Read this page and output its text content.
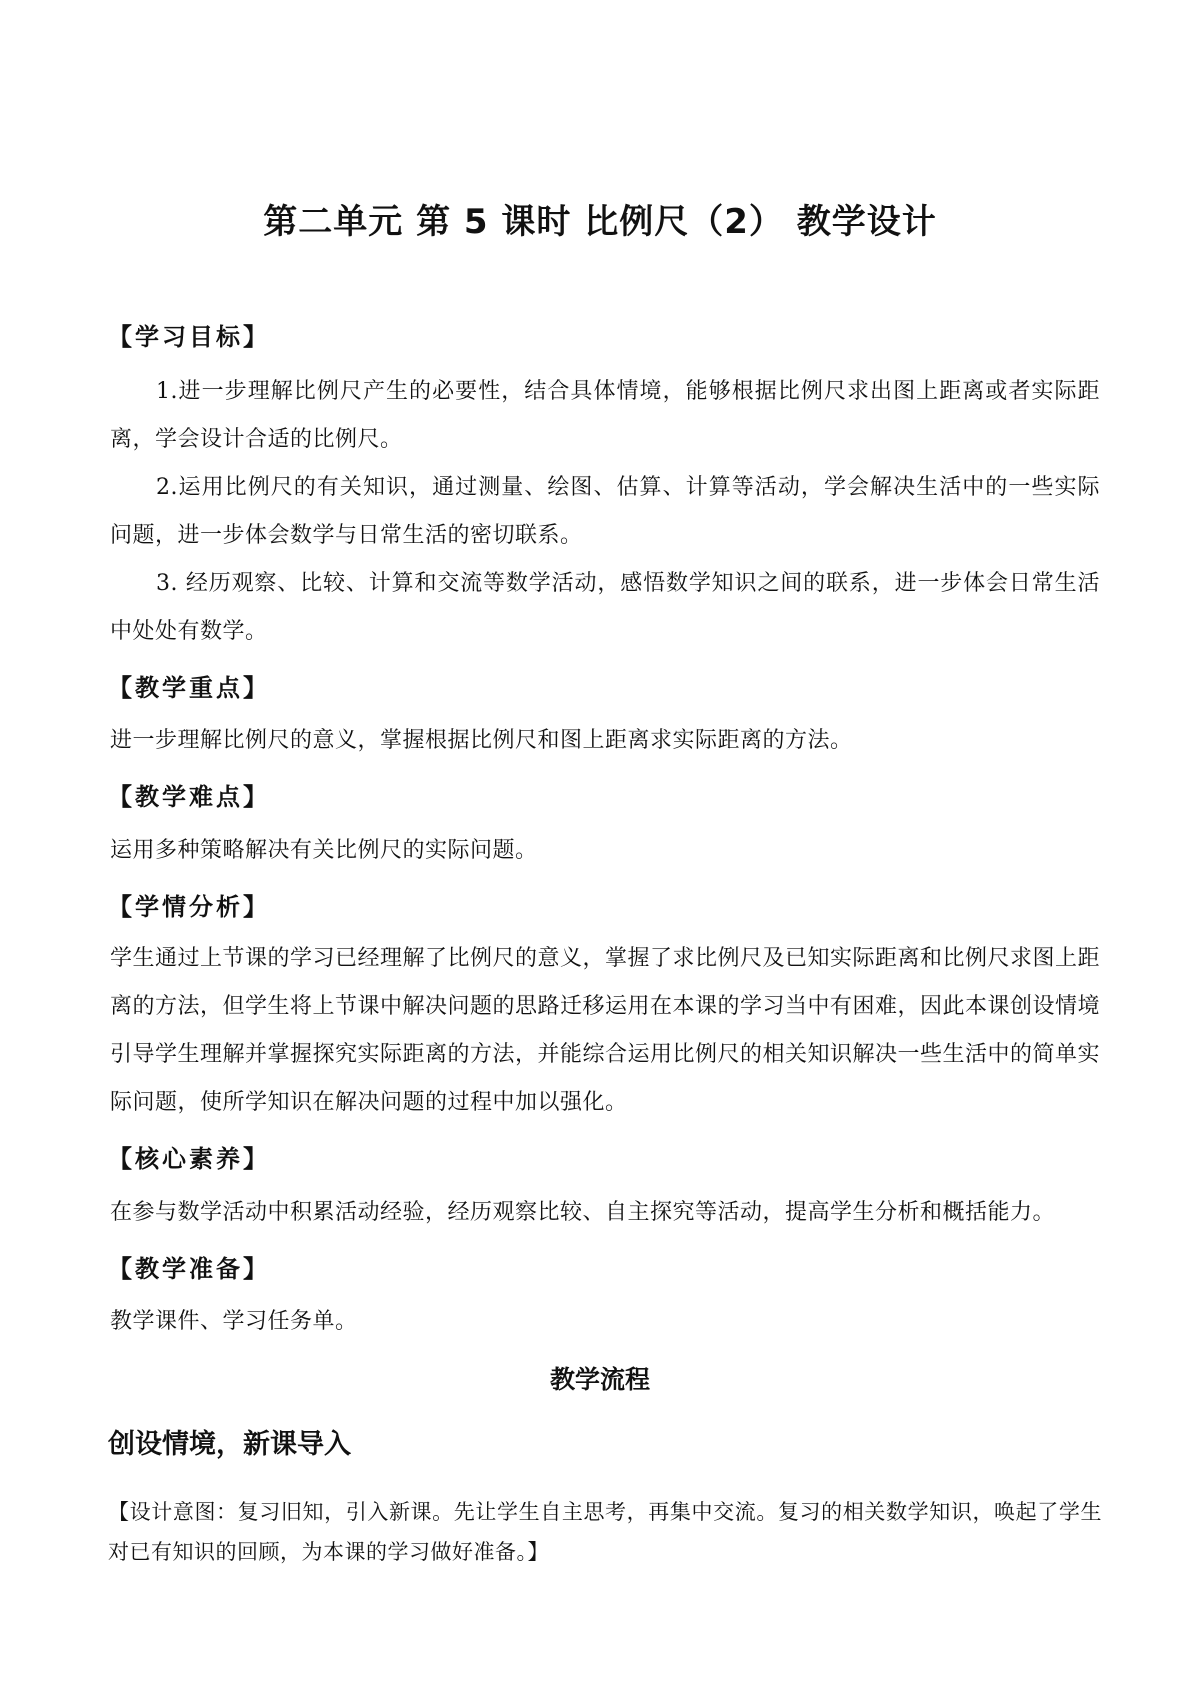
第二单元 第 5 课时 比例尺（2） 教学设计
【学习目标】

1.进一步理解比例尺产生的必要性，结合具体情境，能够根据比例尺求出图上距离或者实际距离，学会设计合适的比例尺。

2.运用比例尺的有关知识，通过测量、绘图、估算、计算等活动，学会解决生活中的一些实际问题，进一步体会数学与日常生活的密切联系。

3. 经历观察、比较、计算和交流等数学活动，感悟数学知识之间的联系，进一步体会日常生活中处处有数学。

【教学重点】

进一步理解比例尺的意义，掌握根据比例尺和图上距离求实际距离的方法。

【教学难点】

运用多种策略解决有关比例尺的实际问题。

【学情分析】

学生通过上节课的学习已经理解了比例尺的意义，掌握了求比例尺及已知实际距离和比例尺求图上距离的方法，但学生将上节课中解决问题的思路迁移运用在本课的学习当中有困难，因此本课创设情境引导学生理解并掌握探究实际距离的方法，并能综合运用比例尺的相关知识解决一些生活中的简单实际问题，使所学知识在解决问题的过程中加以强化。

【核心素养】

在参与数学活动中积累活动经验，经历观察比较、自主探究等活动，提高学生分析和概括能力。

【教学准备】

教学课件、学习任务单。

教学流程
创设情境，新课导入

【设计意图：复习旧知，引入新课。先让学生自主思考，再集中交流。复习的相关数学知识，唤起了学生对已有知识的回顾，为本课的学习做好准备。】
